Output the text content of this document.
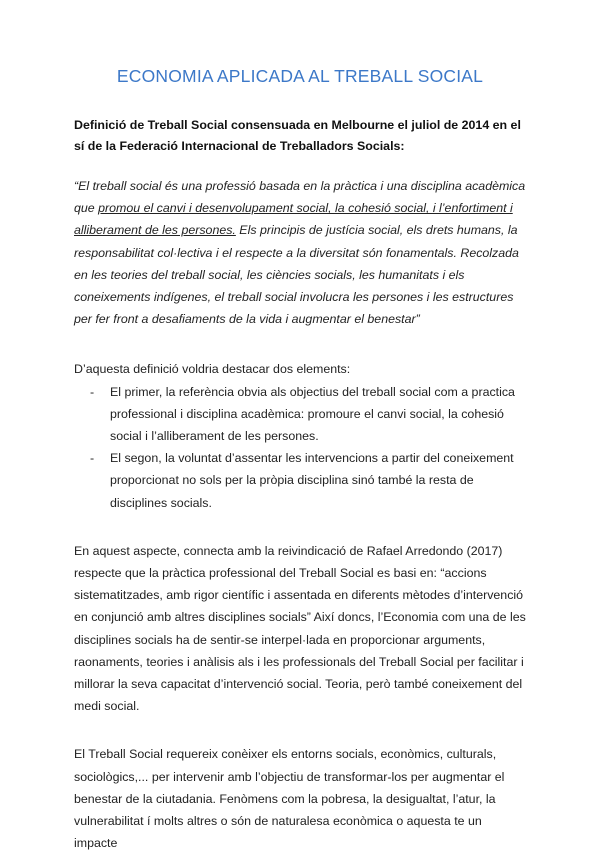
ECONOMIA APLICADA AL TREBALL SOCIAL

Definició de Treball Social consensuada en Melbourne el juliol de 2014 en el sí de la Federació Internacional de Treballadors Socials:

“El treball social és una professió basada en la pràctica i una disciplina acadèmica que promou el canvi i desenvolupament social, la cohesió social, i l’enfortiment i alliberament de les persones. Els principis de justícia social, els drets humans, la responsabilitat col·lectiva i el respecte a la diversitat són fonamentals. Recolzada en les teories del treball social, les ciències socials, les humanitats i els coneixements indígenes, el treball social involucra les persones i les estructures per fer front a desafiaments de la vida i augmentar el benestar”

D’aquesta definició voldria destacar dos elements:

- El primer, la referència obvia als objectius del treball social com a practica professional i disciplina acadèmica: promoure el canvi social, la cohesió social i l’alliberament de les persones.
- El segon, la voluntat d’assentar les intervencions a partir del coneixement proporcionat no sols per la pròpia disciplina sinó també la resta de disciplines socials.

En aquest aspecte, connecta amb la reivindicació de Rafael Arredondo (2017) respecte que la pràctica professional del Treball Social es basi en: “accions sistematitzades, amb rigor científic i assentada en diferents mètodes d’intervenció en conjunció amb altres disciplines socials” Així doncs, l’Economia com una de les disciplines socials ha de sentir-se interpel·lada en proporcionar arguments, raonaments, teories i anàlisis als i les professionals del Treball Social per facilitar i millorar la seva capacitat d’intervenció social. Teoria, però també coneixement del medi social.

El Treball Social requereix conèixer els entorns socials, econòmics, culturals, sociològics,... per intervenir amb l’objectiu de transformar-los per augmentar el benestar de la ciutadania. Fenòmens com la pobresa, la desigualtat, l’atur, la vulnerabilitat í molts altres o són de naturalesa econòmica o aquesta te un impacte
